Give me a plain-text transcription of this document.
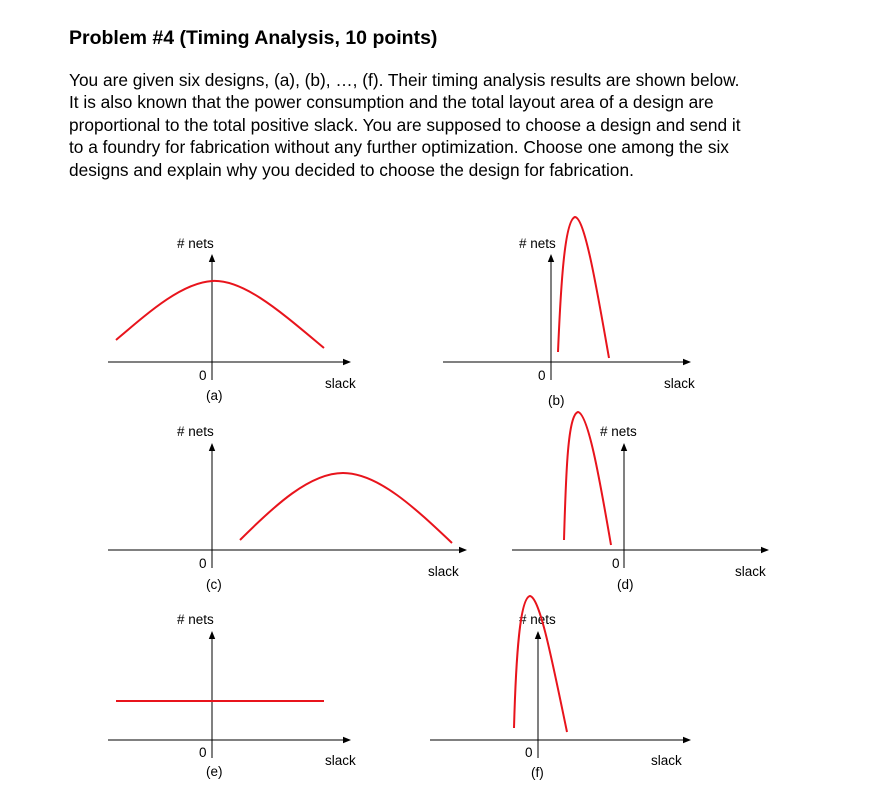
Problem #4 (Timing Analysis, 10 points)
You are given six designs, (a), (b), …, (f). Their timing analysis results are shown below.
It is also known that the power consumption and the total layout area of a design are
proportional to the total positive slack. You are supposed to choose a design and send it
to a foundry for fabrication without any further optimization. Choose one among the six
designs and explain why you decided to choose the design for fabrication.
# nets
0
slack
(a)
# nets
0
slack
(b)
# nets
0
slack
(c)
# nets
0
slack
(d)
# nets
0
slack
(e)
# nets
0
slack
(f)
